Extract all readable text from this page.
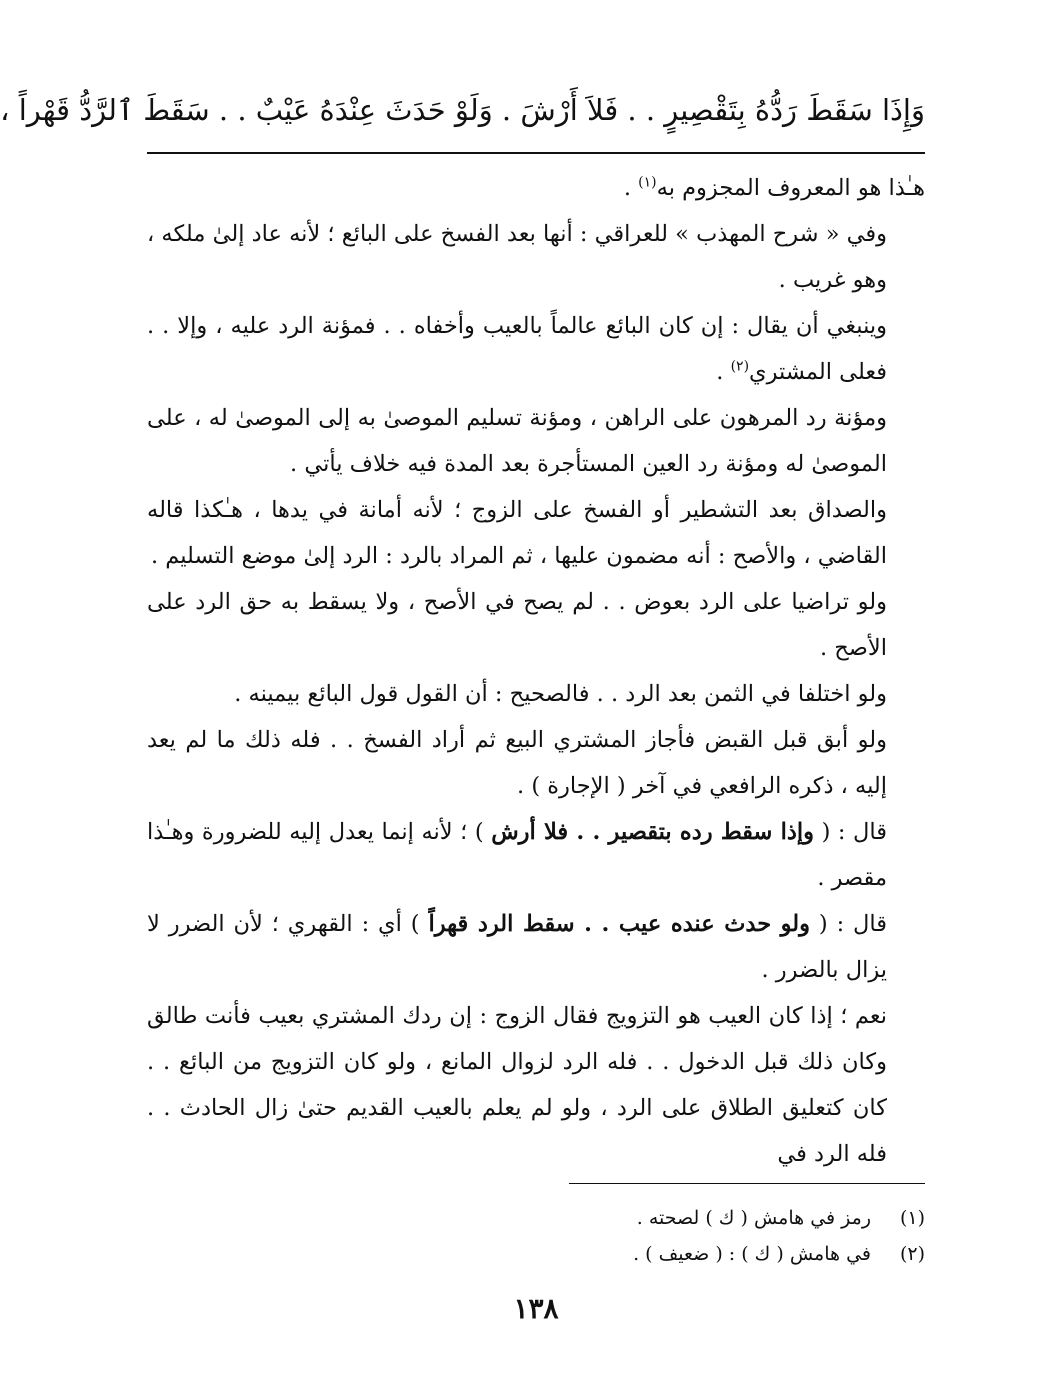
وَإِذَا سَقَطَ رَدُّهُ بِتَقْصِيرٍ . . فَلاَ أَرْشَ . وَلَوْ حَدَثَ عِنْدَهُ عَيْبٌ . . سَقَطَ ٱلرَّدُّ قَهْراً ،

هـٰذا هو المعروف المجزوم به$^{(١)}$ .

وفي « شرح المهذب » للعراقي : أنها بعد الفسخ على البائع ؛ لأنه عاد إلىٰ ملكه ، وهو غريب .

وينبغي أن يقال : إن كان البائع عالماً بالعيب وأخفاه . . فمؤنة الرد عليه ، وإلا . . فعلى المشتري$^{(٢)}$ .

ومؤنة رد المرهون على الراهن ، ومؤنة تسليم الموصىٰ به إلى الموصىٰ له ، على الموصىٰ له ومؤنة رد العين المستأجرة بعد المدة فيه خلاف يأتي .

والصداق بعد التشطير أو الفسخ على الزوج ؛ لأنه أمانة في يدها ، هـٰكذا قاله القاضي ، والأصح : أنه مضمون عليها ، ثم المراد بالرد : الرد إلىٰ موضع التسليم .

ولو تراضيا على الرد بعوض . . لم يصح في الأصح ، ولا يسقط به حق الرد على الأصح .

ولو اختلفا في الثمن بعد الرد . . فالصحيح : أن القول قول البائع بيمينه .

ولو أبق قبل القبض فأجاز المشتري البيع ثم أراد الفسخ . . فله ذلك ما لم يعد إليه ، ذكره الرافعي في آخر ( الإجارة ) .

قال : ( وإذا سقط رده بتقصير . . فلا أرش ) ؛ لأنه إنما يعدل إليه للضرورة وهـٰذا مقصر .

قال : ( ولو حدث عنده عيب . . سقط الرد قهراً ) أي : القهري ؛ لأن الضرر لا يزال بالضرر .

نعم ؛ إذا كان العيب هو التزويج فقال الزوج : إن ردك المشتري بعيب فأنت طالق وكان ذلك قبل الدخول . . فله الرد لزوال المانع ، ولو كان التزويج من البائع . . كان كتعليق الطلاق على الرد ، ولو لم يعلم بالعيب القديم حتىٰ زال الحادث . . فله الرد في

(١)
رمز في هامش ( ك ) لصحته .
(٢)
في هامش ( ك ) : ( ضعيف ) .
١٣٨
